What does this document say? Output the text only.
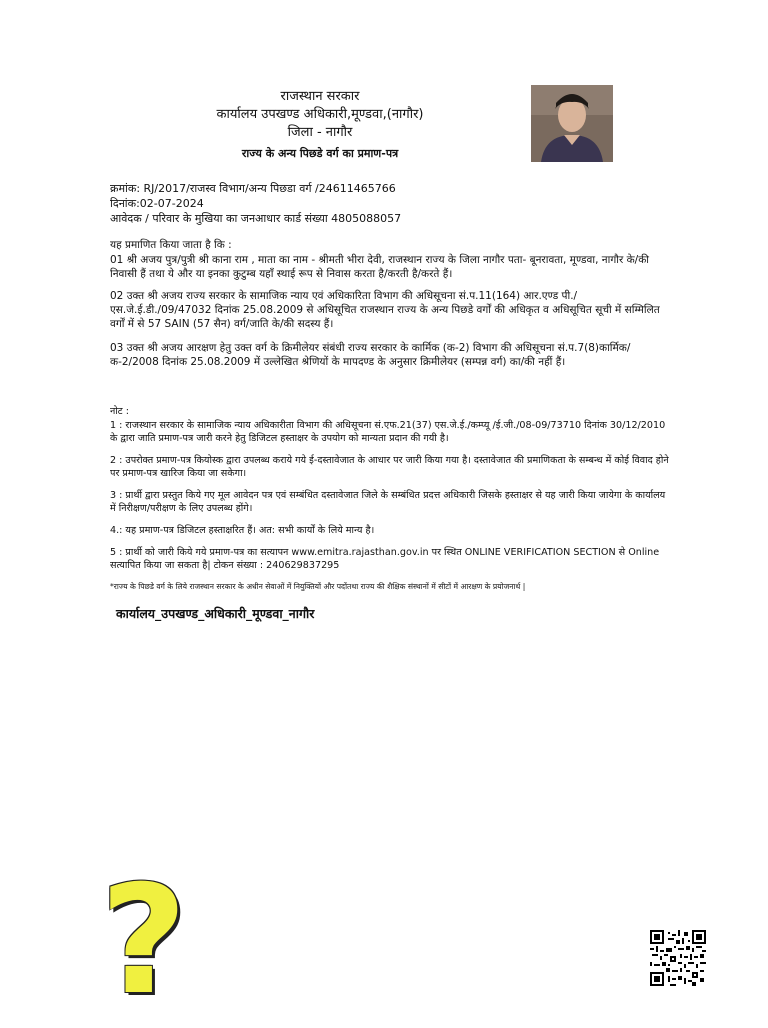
राजस्थान सरकार
कार्यालय उपखण्ड अधिकारी,मूण्डवा,(नागौर)
जिला - नागौर
राज्य के अन्य पिछडे वर्ग का प्रमाण-पत्र
क्रमांक: RJ/2017/राजस्व विभाग/अन्य पिछडा वर्ग /24611465766
दिनांक:02-07-2024
आवेदक / परिवार के मुखिया का जनआधार कार्ड संख्या 4805088057
यह प्रमाणित किया जाता है कि :
01 श्री अजय पुत्र/पुत्री श्री काना राम , माता का नाम - श्रीमती भीरा देवी, राजस्थान राज्य के जिला नागौर पता- बूनरावता, मूण्डवा, नागौर के/की निवासी हैं तथा ये और या इनका कुटुम्ब यहाँ स्थाई रूप से निवास करता है/करती है/करते हैं।
02 उक्त श्री अजय राज्य सरकार के सामाजिक न्याय एवं अधिकारिता विभाग की अधिसूचना सं.प.11(164) आर.एण्ड पी./एस.जे.ई.डी./09/47032 दिनांक 25.08.2009 से अधिसूचित राजस्थान राज्य के अन्य पिछडे वर्गों की अधिकृत व अधिसूचित सूची में सम्मिलित वर्गों में से 57 SAIN (57 सैन) वर्ग/जाति के/की सदस्य हैं।
03 उक्त श्री अजय आरक्षण हेतु उक्त वर्ग के क्रिमीलेयर संबंधी राज्य सरकार के कार्मिक (क-2) विभाग की अधिसूचना सं.प.7(8)कार्मिक/क-2/2008 दिनांक 25.08.2009 में उल्लेखित श्रेणियों के मापदण्ड के अनुसार क्रिमीलेयर (सम्पन्न वर्ग) का/की नहीं हैं।
नोट :
1 : राजस्थान सरकार के सामाजिक न्याय अधिकारीता विभाग की अधिसूचना सं.एफ.21(37) एस.जे.ई./कम्प्यू /ई.जी./08-09/73710 दिनांक 30/12/2010 के द्वारा जाति प्रमाण-पत्र जारी करने हेतु डिजिटल हस्ताक्षर के उपयोग को मान्यता प्रदान की गयी है।
2 : उपरोक्त प्रमाण-पत्र कियोस्क द्वारा उपलब्ध कराये गये ई-दस्तावेजात के आधार पर जारी किया गया है। दस्तावेजात की प्रमाणिकता के सम्बन्ध में कोई विवाद होने पर प्रमाण-पत्र खारिज किया जा सकेगा।
3 : प्रार्थी द्वारा प्रस्तुत किये गए मूल आवेदन पत्र एवं सम्बंधित दस्तावेजात जिले के सम्बंधित प्रदत्त अधिकारी जिसके हस्ताक्षर से यह जारी किया जायेगा के कार्यालय में निरीक्षण/परीक्षण के लिए उपलब्ध होंगे।
4.: यह प्रमाण-पत्र डिजिटल हस्ताक्षरित हैं। अत: सभी कार्यों के लिये मान्य है।
5 : प्रार्थी को जारी किये गये प्रमाण-पत्र का सत्यापन www.emitra.rajasthan.gov.in पर स्थित ONLINE VERIFICATION SECTION से Online सत्यापित किया जा सकता है| टोकन संख्या : 240629837295
*राज्य के पिछडे वर्ग के लिये राजस्थान सरकार के अधीन सेवाओं में नियुक्तियों और पदोंतथा राज्य की शैक्षिक संस्थानों में सीटों में आरक्षण के प्रयोजनार्थ |
कार्यालय_उपखण्ड_अधिकारी_मूण्डवा_नागौर
?
